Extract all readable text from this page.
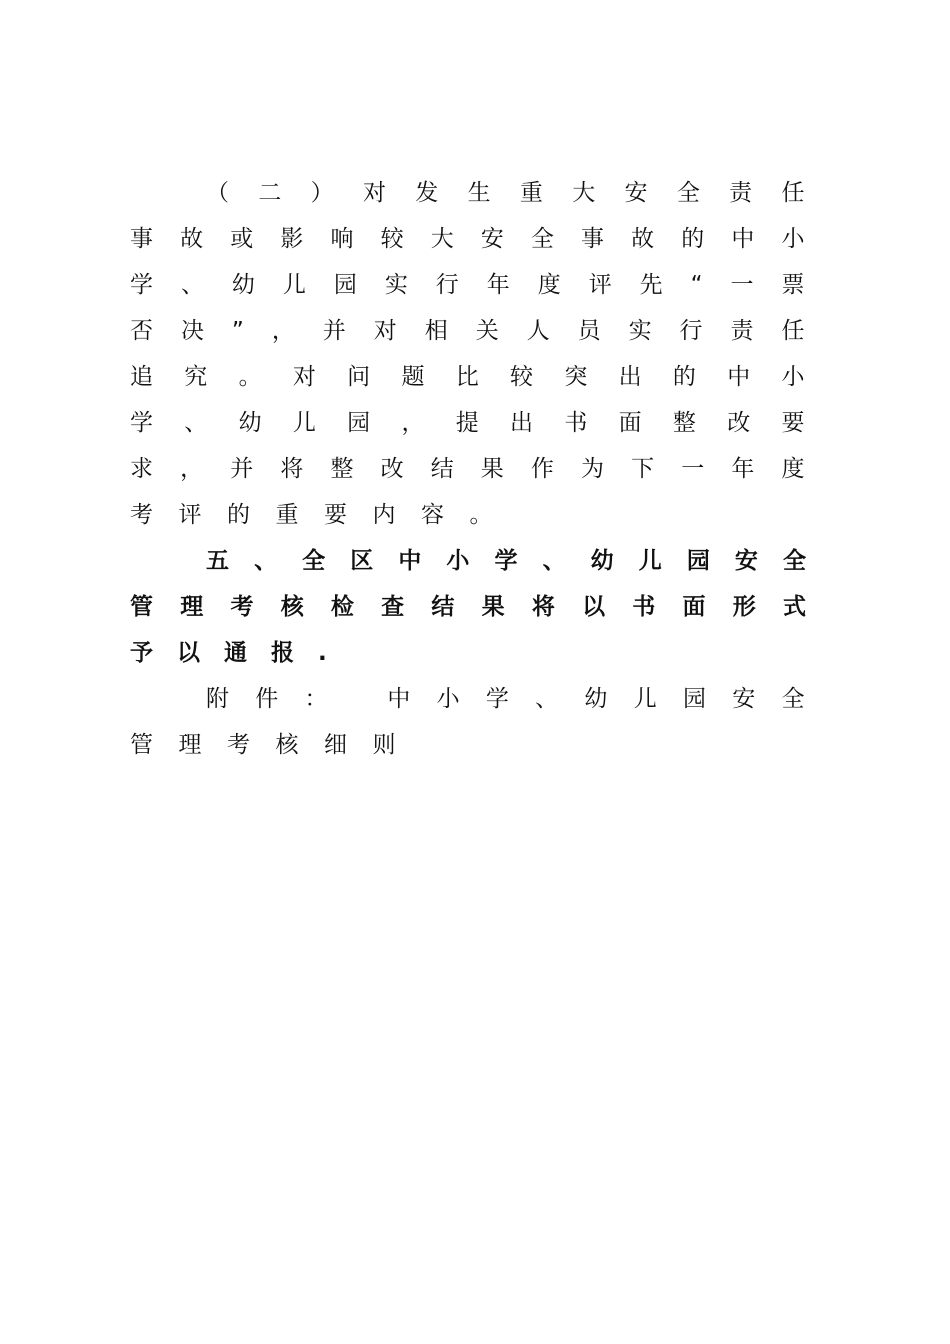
（二）对发生重大安全责任事故或影响较大安全事故的中小学、幼儿园实行年度评先“一票否决”，并对相关人员实行责任追究。对问题比较突出的中小学、幼儿园，提出书面整改要求，并将整改结果作为下一年度考评的重要内容。

五、全区中小学、幼儿园安全管理考核检查结果将以书面形式予以通报.

附件： 中小学、幼儿园安全管理考核细则
